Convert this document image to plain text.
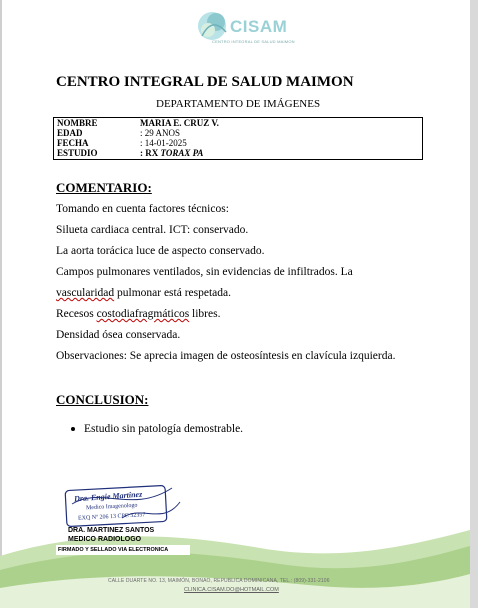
CISAM
CENTRO INTEGRAL DE SALUD MAIMON
CENTRO INTEGRAL DE SALUD MAIMON
DEPARTAMENTO DE IMÁGENES
NOMBRE	MARIA E. CRUZ V.
EDAD	: 29 ANOS
FECHA	: 14-01-2025
ESTUDIO	: RX TORAX PA
COMENTARIO:
Tomando en cuenta factores técnicos:
Silueta cardiaca central. ICT: conservado.
La aorta torácica luce de aspecto conservado.
Campos pulmonares ventilados, sin evidencias de infiltrados. La
vascularidad pulmonar está respetada.
Recesos costodiafragmáticos libres.
Densidad ósea conservada.
Observaciones: Se aprecia imagen de osteosíntesis en clavícula izquierda.
CONCLUSION:
Estudio sin patología demostrable.
Dra. Engie Martinez
Medico Imagenologo
EXQ Nº 206 13 CPC 32357
DRA. MARTINEZ SANTOS
MEDICO RADIOLOGO
FIRMADO Y SELLADO VIA ELECTRONICA
CALLE DUARTE NO. 13, MAIMÓN, BONAO, REPUBLICA DOMINICANA, TEL.: (809)-331-2106
CLINICA.CISAM.DO@HOTMAIL.COM
